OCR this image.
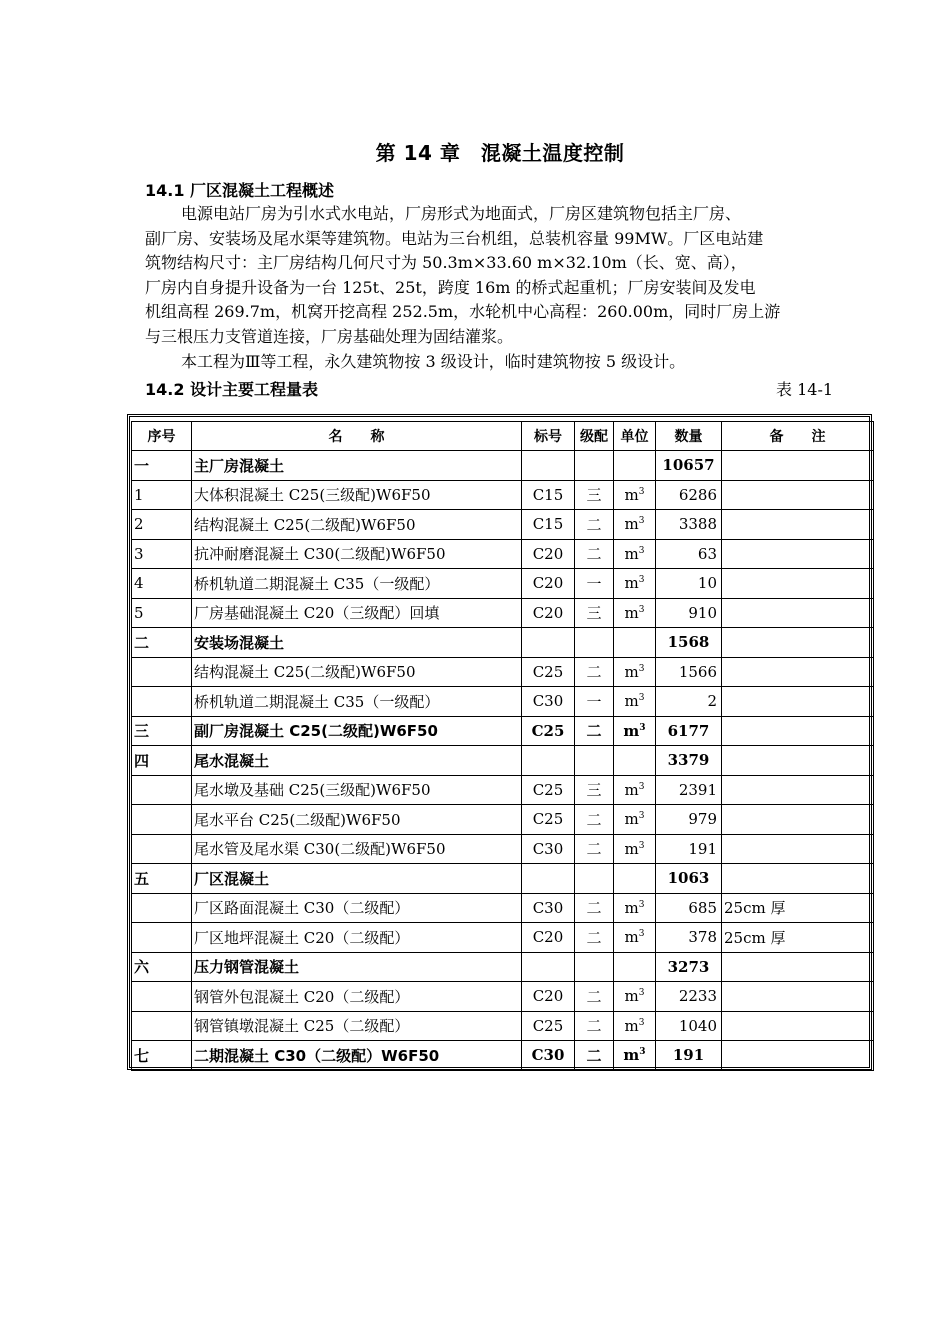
第 14 章　混凝土温度控制
14.1 厂区混凝土工程概述
电源电站厂房为引水式水电站，厂房形式为地面式，厂房区建筑物包括主厂房、
副厂房、安装场及尾水渠等建筑物。电站为三台机组，总装机容量 99MW。厂区电站建
筑物结构尺寸：主厂房结构几何尺寸为 50.3m×33.60 m×32.10m（长、宽、高），
厂房内自身提升设备为一台 125t、25t，跨度 16m 的桥式起重机；厂房安装间及发电
机组高程 269.7m，机窝开挖高程 252.5m，水轮机中心高程：260.00m，同时厂房上游
与三根压力支管道连接，厂房基础处理为固结灌浆。
本工程为Ⅲ等工程，永久建筑物按 3 级设计，临时建筑物按 5 级设计。
14.2 设计主要工程量表	表 14-1
序号	名　　称	标号	级配	单位	数量	备　　注
一	主厂房混凝土				10657	
1	大体积混凝土 C25(三级配)W6F50	C15	三	$m^3$	6286	
2	结构混凝土 C25(二级配)W6F50	C15	二	$m^3$	3388	
3	抗冲耐磨混凝土 C30(二级配)W6F50	C20	二	$m^3$	63	
4	桥机轨道二期混凝土 C35（一级配）	C20	一	$m^3$	10	
5	厂房基础混凝土 C20（三级配）回填	C20	三	$m^3$	910	
二	安装场混凝土				1568	
	结构混凝土 C25(二级配)W6F50	C25	二	$m^3$	1566	
	桥机轨道二期混凝土 C35（一级配）	C30	一	$m^3$	2	
三	副厂房混凝土 C25(二级配)W6F50	C25	二	$m^3$	6177	
四	尾水混凝土				3379	
	尾水墩及基础 C25(三级配)W6F50	C25	三	$m^3$	2391	
	尾水平台 C25(二级配)W6F50	C25	二	$m^3$	979	
	尾水管及尾水渠 C30(二级配)W6F50	C30	二	$m^3$	191	
五	厂区混凝土				1063	
	厂区路面混凝土 C30（二级配）	C30	二	$m^3$	685	25cm 厚
	厂区地坪混凝土 C20（二级配）	C20	二	$m^3$	378	25cm 厚
六	压力钢管混凝土				3273	
	钢管外包混凝土 C20（二级配）	C20	二	$m^3$	2233	
	钢管镇墩混凝土 C25（二级配）	C25	二	$m^3$	1040	
七	二期混凝土 C30（二级配）W6F50	C30	二	$m^3$	191	
